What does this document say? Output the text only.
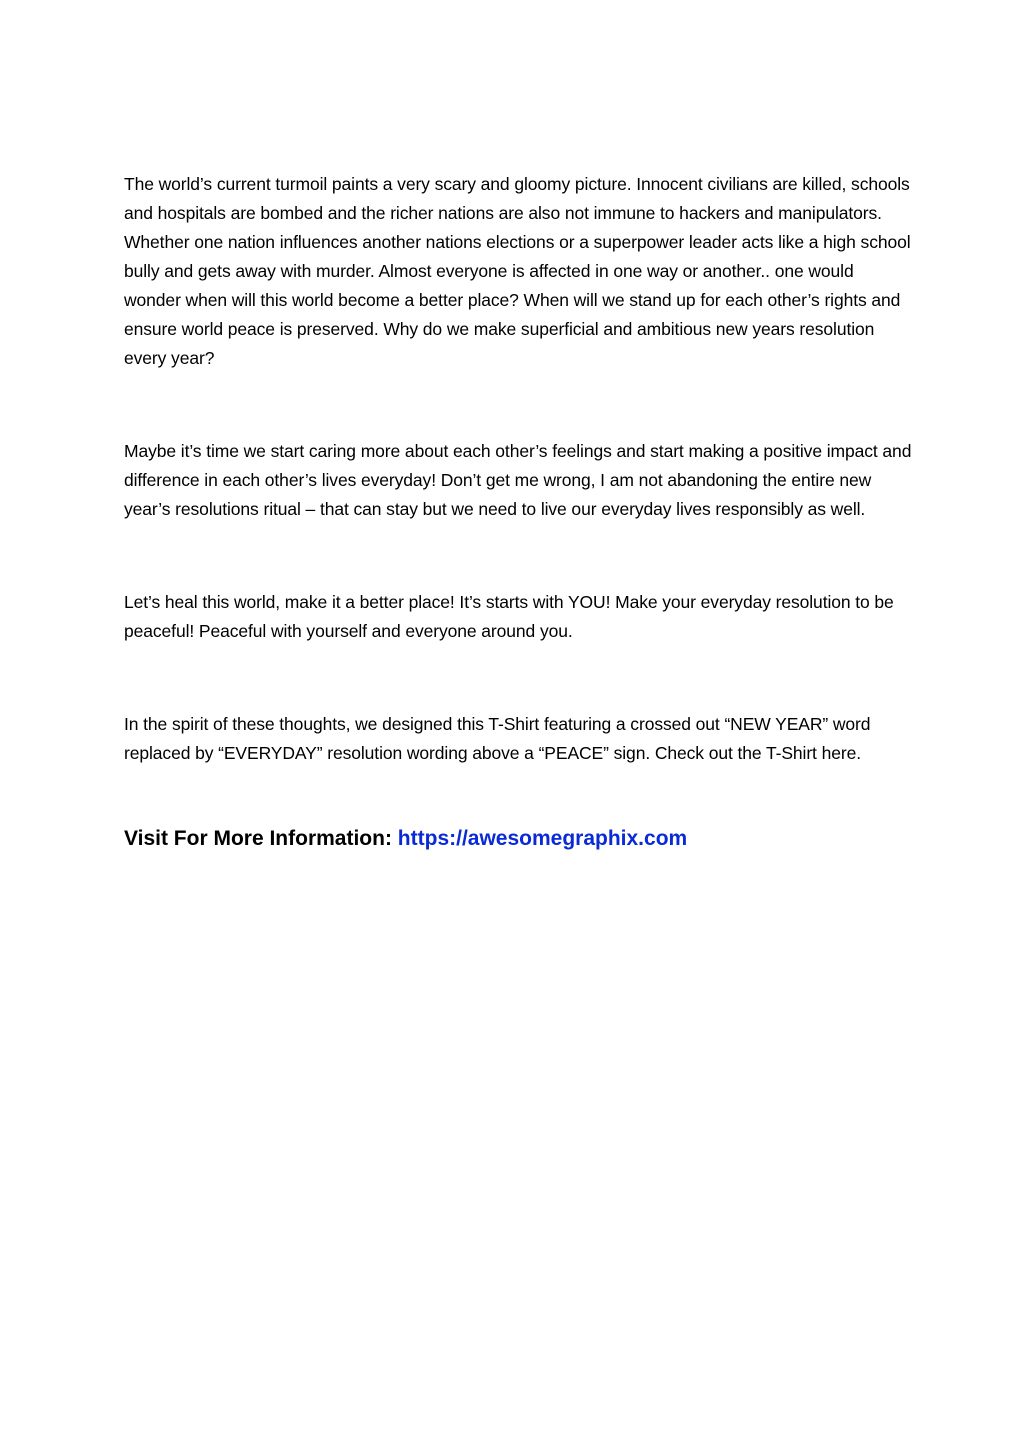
The world’s current turmoil paints a very scary and gloomy picture. Innocent civilians are killed, schools and hospitals are bombed and the richer nations are also not immune to hackers and manipulators. Whether one nation influences another nations elections or a superpower leader acts like a high school bully and gets away with murder. Almost everyone is affected in one way or another.. one would wonder when will this world become a better place? When will we stand up for each other’s rights and ensure world peace is preserved. Why do we make superficial and ambitious new years resolution every year?

Maybe it’s time we start caring more about each other’s feelings and start making a positive impact and difference in each other’s lives everyday! Don’t get me wrong, I am not abandoning the entire new year’s resolutions ritual – that can stay but we need to live our everyday lives responsibly as well.

Let’s heal this world, make it a better place! It’s starts with YOU! Make your everyday resolution to be peaceful! Peaceful with yourself and everyone around you.

In the spirit of these thoughts, we designed this T-Shirt featuring a crossed out “NEW YEAR” word replaced by “EVERYDAY” resolution wording above a “PEACE” sign. Check out the T-Shirt here.

Visit For More Information: https://awesomegraphix.com
